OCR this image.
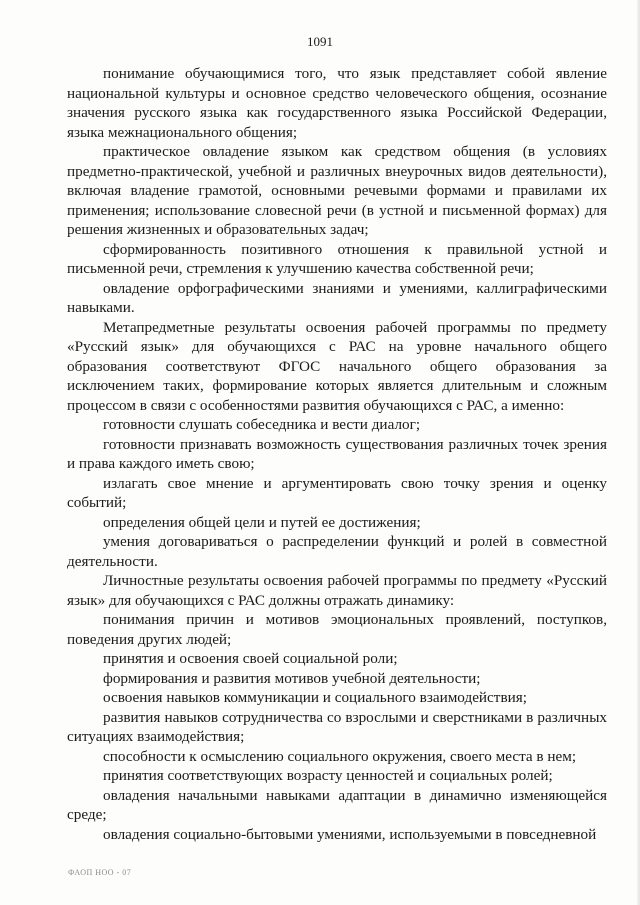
1091

понимание обучающимися того, что язык представляет собой явление национальной культуры и основное средство человеческого общения, осознание значения русского языка как государственного языка Российской Федерации, языка межнационального общения;

практическое овладение языком как средством общения (в условиях предметно-практической, учебной и различных внеурочных видов деятельности), включая владение грамотой, основными речевыми формами и правилами их применения; использование словесной речи (в устной и письменной формах) для решения жизненных и образовательных задач;

сформированность позитивного отношения к правильной устной и письменной речи, стремления к улучшению качества собственной речи;

овладение орфографическими знаниями и умениями, каллиграфическими навыками.

Метапредметные результаты освоения рабочей программы по предмету «Русский язык» для обучающихся с РАС на уровне начального общего образования соответствуют ФГОС начального общего образования за исключением таких, формирование которых является длительным и сложным процессом в связи с особенностями развития обучающихся с РАС, а именно:

готовности слушать собеседника и вести диалог;

готовности признавать возможность существования различных точек зрения и права каждого иметь свою;

излагать свое мнение и аргументировать свою точку зрения и оценку событий;

определения общей цели и путей ее достижения;

умения договариваться о распределении функций и ролей в совместной деятельности.

Личностные результаты освоения рабочей программы по предмету «Русский язык» для обучающихся с РАС должны отражать динамику:

понимания причин и мотивов эмоциональных проявлений, поступков, поведения других людей;

принятия и освоения своей социальной роли;

формирования и развития мотивов учебной деятельности;

освоения навыков коммуникации и социального взаимодействия;

развития навыков сотрудничества со взрослыми и сверстниками в различных ситуациях взаимодействия;

способности к осмыслению социального окружения, своего места в нем;

принятия соответствующих возрасту ценностей и социальных ролей;

овладения начальными навыками адаптации в динамично изменяющейся среде;

овладения социально-бытовыми умениями, используемыми в повседневной

ФАОП НОО - 07
